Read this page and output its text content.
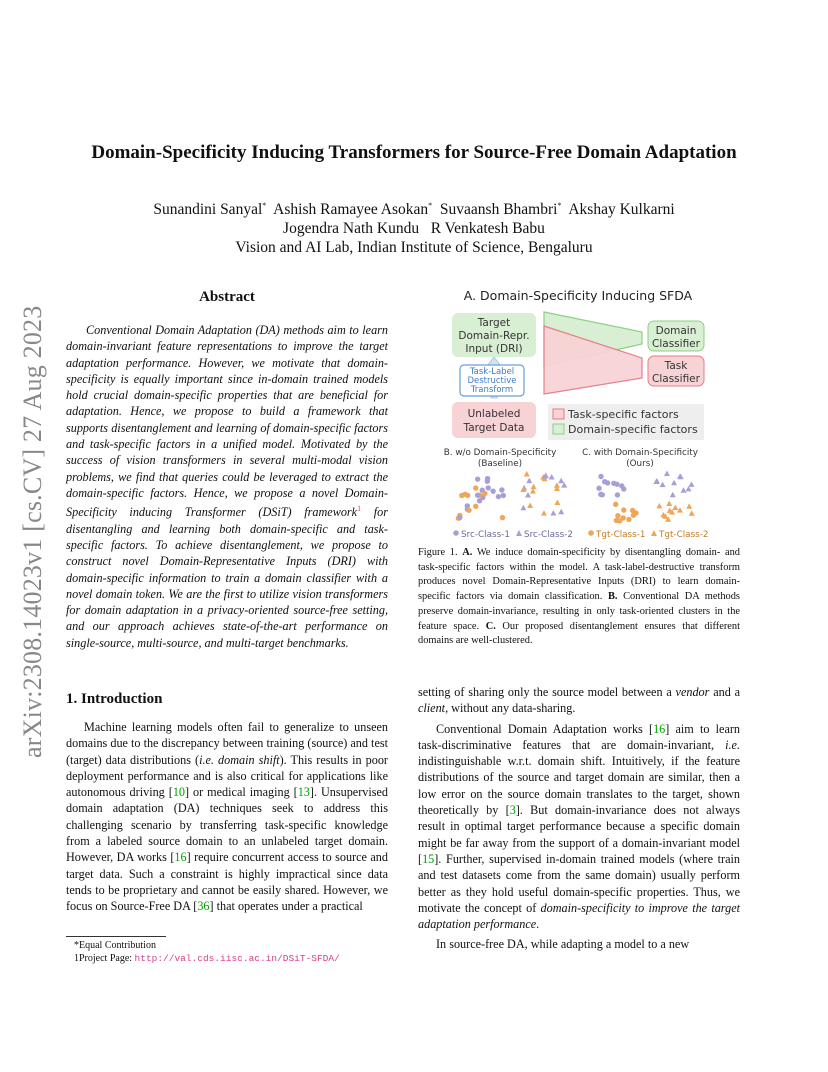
arXiv:2308.14023v1 [cs.CV] 27 Aug 2023
Domain-Specificity Inducing Transformers for Source-Free Domain Adaptation
Sunandini Sanyal* Ashish Ramayee Asokan* Suvaansh Bhambri* Akshay Kulkarni
Jogendra Nath Kundu   R Venkatesh Babu
Vision and AI Lab, Indian Institute of Science, Bengaluru
Abstract

Conventional Domain Adaptation (DA) methods aim to learn domain-invariant feature representations to improve the target adaptation performance. However, we motivate that domain-specificity is equally important since in-domain trained models hold crucial domain-specific properties that are beneficial for adaptation. Hence, we propose to build a framework that supports disentanglement and learning of domain-specific factors and task-specific factors in a unified model. Motivated by the success of vision transformers in several multi-modal vision problems, we find that queries could be leveraged to extract the domain-specific factors. Hence, we propose a novel Domain-Specificity inducing Transformer (DSiT) framework$^1$ for disentangling and learning both domain-specific and task-specific factors. To achieve disentanglement, we propose to construct novel Domain-Representative Inputs (DRI) with domain-specific information to train a domain classifier with a novel domain token. We are the first to utilize vision transformers for domain adaptation in a privacy-oriented source-free setting, and our approach achieves state-of-the-art performance on single-source, multi-source, and multi-target benchmarks.

1. Introduction

Machine learning models often fail to generalize to unseen domains due to the discrepancy between training (source) and test (target) data distributions (i.e. domain shift). This results in poor deployment performance and is also critical for applications like autonomous driving [10] or medical imaging [13]. Unsupervised domain adaptation (DA) techniques seek to address this challenging scenario by transferring task-specific knowledge from a labeled source domain to an unlabeled target domain. However, DA works [16] require concurrent access to source and target data. Such a constraint is highly impractical since data tends to be proprietary and cannot be easily shared. However, we focus on Source-Free DA [36] that operates under a practical

setting of sharing only the source model between a vendor and a client, without any data-sharing.

Conventional Domain Adaptation works [16] aim to learn task-discriminative features that are domain-invariant, i.e. indistinguishable w.r.t. domain shift. Intuitively, if the feature distributions of the source and target domain are similar, then a low error on the source domain translates to the target, shown theoretically by [3]. But domain-invariance does not always result in optimal target performance because a specific domain might be far away from the support of a domain-invariant model [15]. Further, supervised in-domain trained models (where train and test datasets come from the same domain) usually perform better as they hold useful domain-specific properties. Thus, we motivate the concept of domain-specificity to improve the target adaptation performance.

In source-free DA, while adapting a model to a new

*Equal Contribution
1Project Page: http://val.cds.iisc.ac.in/DSiT-SFDA/
A. Domain-Specificity Inducing SFDA
Target
Domain-Repr.
Input (DRI)
Task-Label
Destructive
Transform
Unlabeled
Target Data
Domain
Classifier
Task
Classifier
Task-specific factors
Domain-specific factors
B. w/o Domain-Specificity
(Baseline)
C. with Domain-Specificity
(Ours)
Src-Class-1 Src-Class-2	Tgt-Class-1 Tgt-Class-2
Figure 1. A. We induce domain-specificity by disentangling domain- and task-specific factors within the model. A task-label-destructive transform produces novel Domain-Representative Inputs (DRI) to learn domain-specific factors via domain classification. B. Conventional DA methods preserve domain-invariance, resulting in only task-oriented clusters in the feature space. C. Our proposed disentanglement ensures that different domains are well-clustered.
